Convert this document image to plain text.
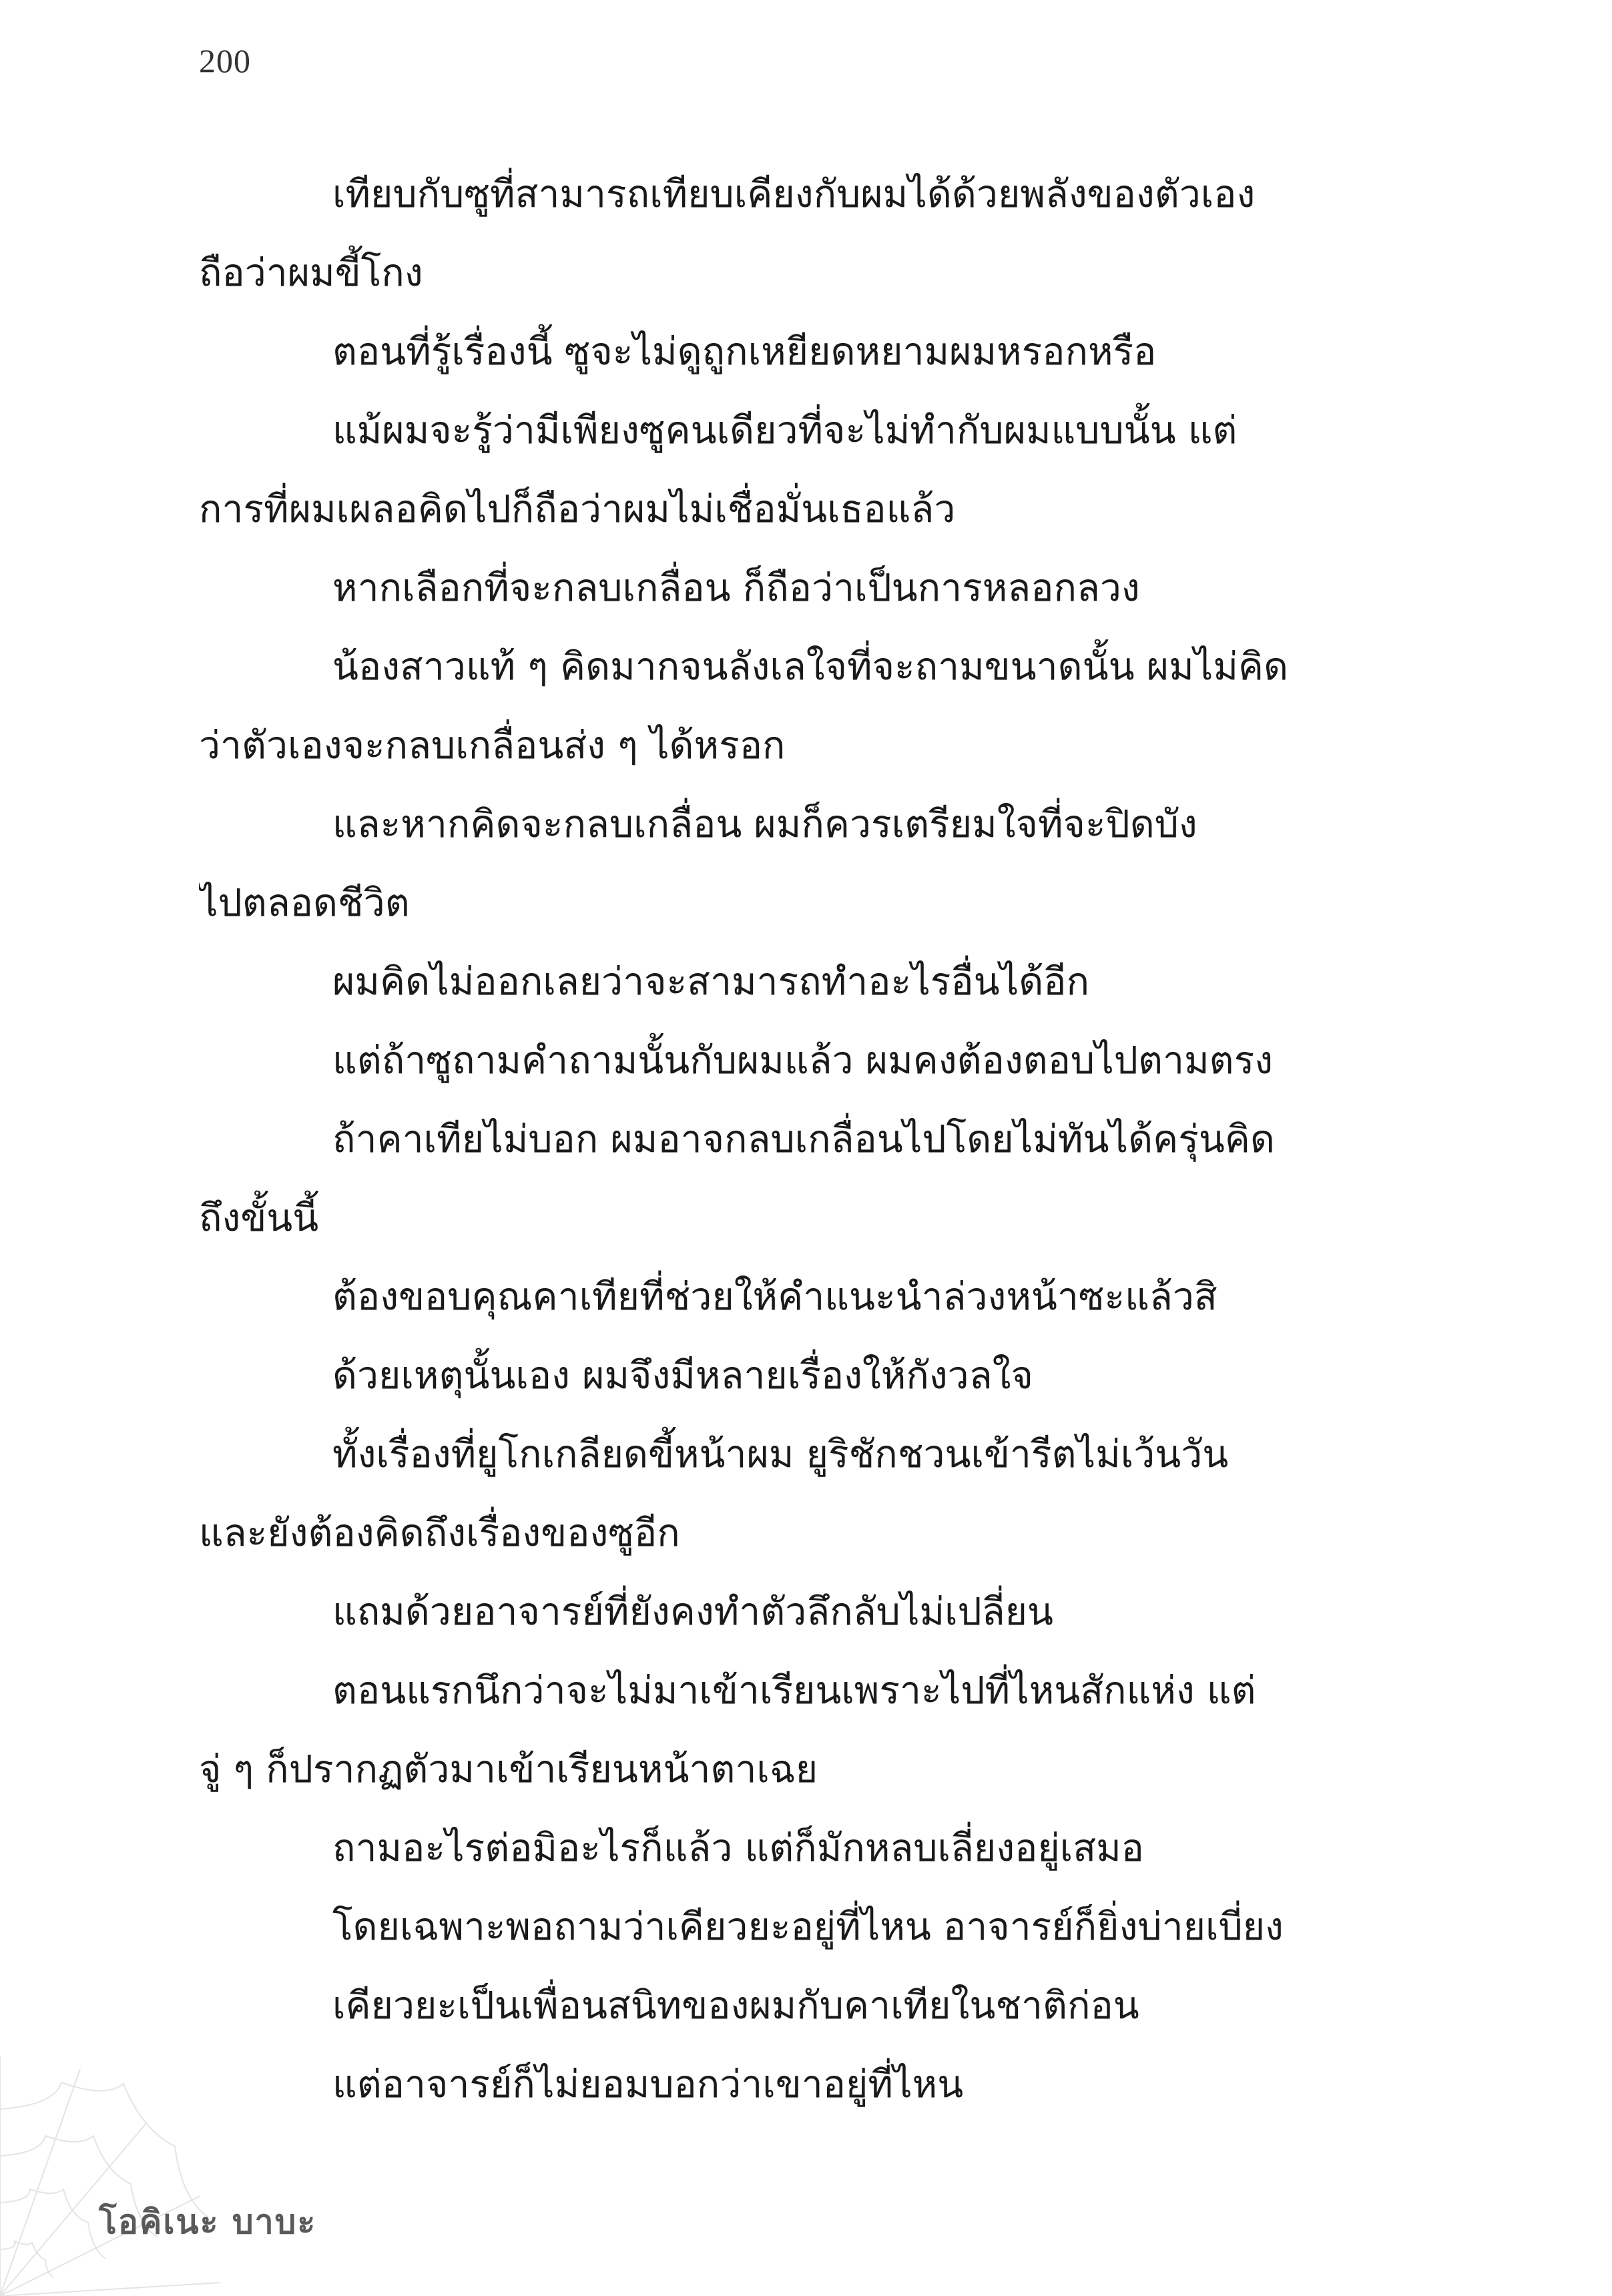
200
เทียบกับซูที่สามารถเทียบเคียงกับผมได้ด้วยพลังของตัวเอง
ถือว่าผมขี้โกง
ตอนที่รู้เรื่องนี้ ซูจะไม่ดูถูกเหยียดหยามผมหรอกหรือ
แม้ผมจะรู้ว่ามีเพียงซูคนเดียวที่จะไม่ทำกับผมแบบนั้น แต่
การที่ผมเผลอคิดไปก็ถือว่าผมไม่เชื่อมั่นเธอแล้ว
หากเลือกที่จะกลบเกลื่อน ก็ถือว่าเป็นการหลอกลวง
น้องสาวแท้ ๆ คิดมากจนลังเลใจที่จะถามขนาดนั้น ผมไม่คิด
ว่าตัวเองจะกลบเกลื่อนส่ง ๆ ได้หรอก
และหากคิดจะกลบเกลื่อน ผมก็ควรเตรียมใจที่จะปิดบัง
ไปตลอดชีวิต
ผมคิดไม่ออกเลยว่าจะสามารถทำอะไรอื่นได้อีก
แต่ถ้าซูถามคำถามนั้นกับผมแล้ว ผมคงต้องตอบไปตามตรง
ถ้าคาเทียไม่บอก ผมอาจกลบเกลื่อนไปโดยไม่ทันได้ครุ่นคิด
ถึงขั้นนี้
ต้องขอบคุณคาเทียที่ช่วยให้คำแนะนำล่วงหน้าซะแล้วสิ
ด้วยเหตุนั้นเอง ผมจึงมีหลายเรื่องให้กังวลใจ
ทั้งเรื่องที่ยูโกเกลียดขี้หน้าผม ยูริชักชวนเข้ารีตไม่เว้นวัน
และยังต้องคิดถึงเรื่องของซูอีก
แถมด้วยอาจารย์ที่ยังคงทำตัวลึกลับไม่เปลี่ยน
ตอนแรกนึกว่าจะไม่มาเข้าเรียนเพราะไปที่ไหนสักแห่ง แต่
จู่ ๆ ก็ปรากฏตัวมาเข้าเรียนหน้าตาเฉย
ถามอะไรต่อมิอะไรก็แล้ว แต่ก็มักหลบเลี่ยงอยู่เสมอ
โดยเฉพาะพอถามว่าเคียวยะอยู่ที่ไหน อาจารย์ก็ยิ่งบ่ายเบี่ยง
เคียวยะเป็นเพื่อนสนิทของผมกับคาเทียในชาติก่อน
แต่อาจารย์ก็ไม่ยอมบอกว่าเขาอยู่ที่ไหน
โอคิเนะ บาบะ
